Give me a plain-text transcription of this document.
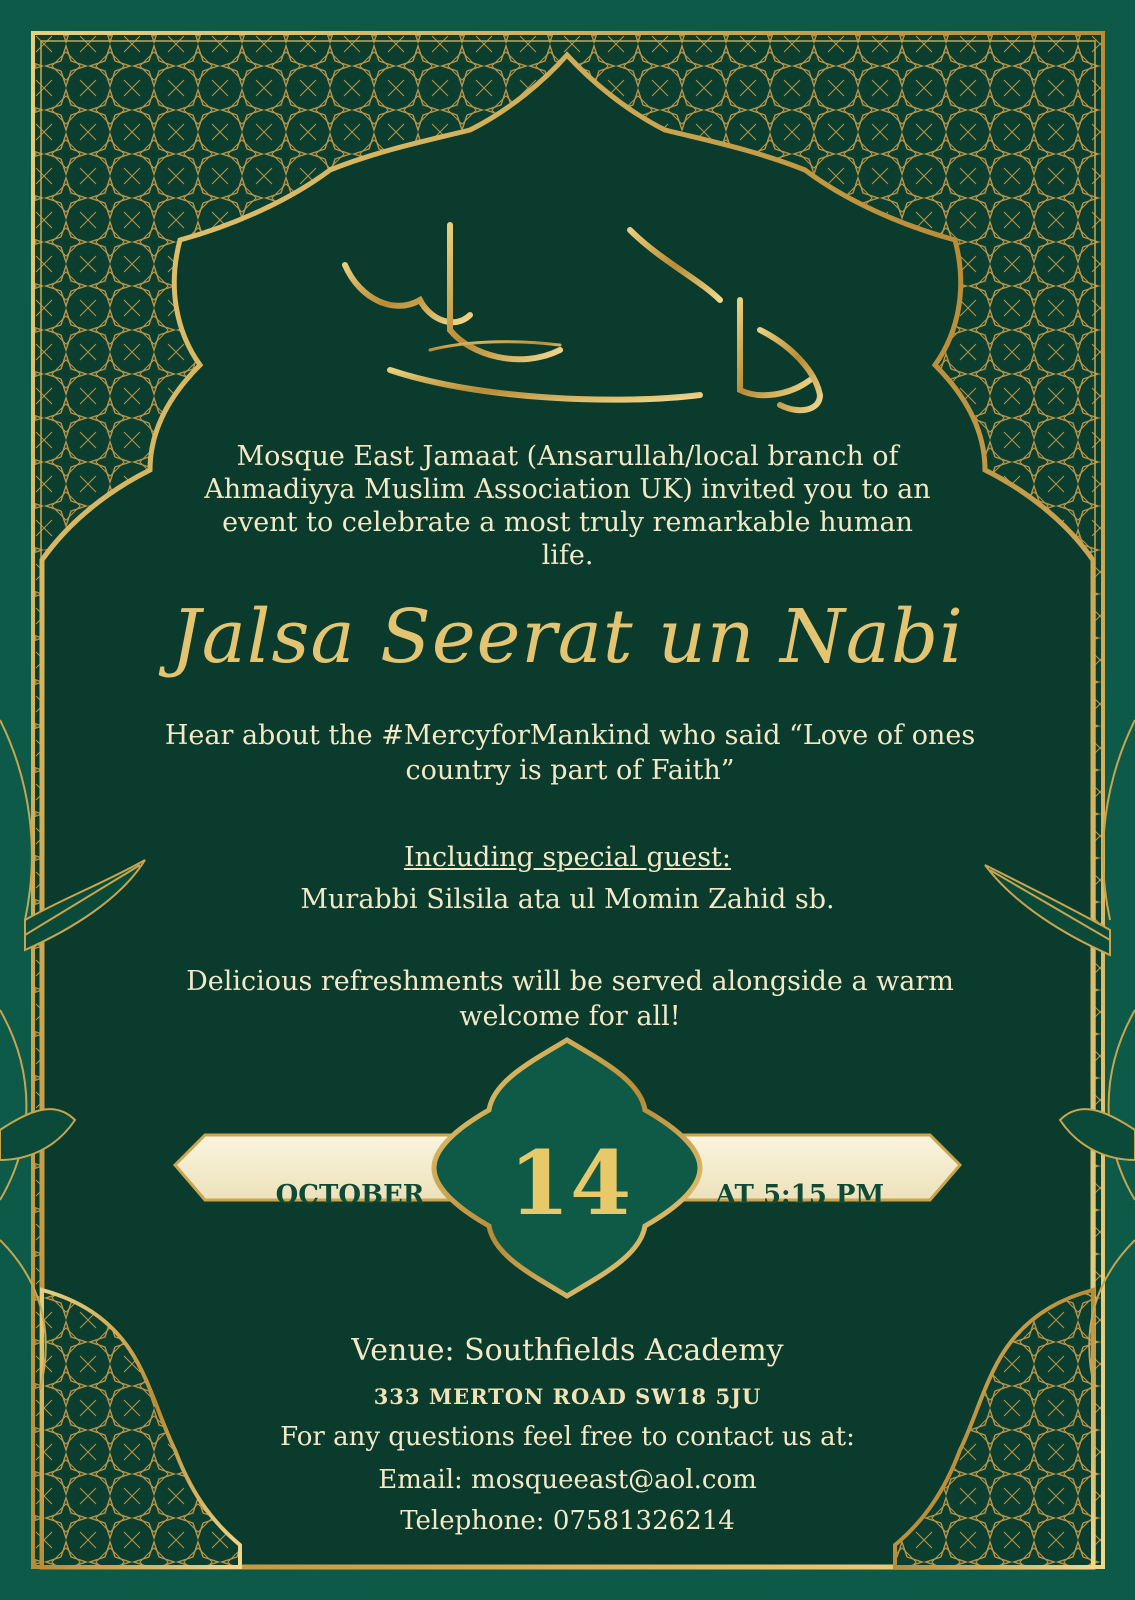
Mosque East Jamaat (Ansarullah/local branch of Ahmadiyya Muslim Association UK) invited you to an event to celebrate a most truly remarkable human life.
Jalsa Seerat un Nabi
Hear about the #MercyforMankind who said “Love of ones country is part of Faith”
Including special guest:
Murabbi Silsila ata ul Momin Zahid sb.
Delicious refreshments will be served alongside a warm welcome for all!
OCTOBER 14	AT 5:15 PM
Venue: Southfields Academy
333 MERTON ROAD SW18 5JU
For any questions feel free to contact us at:
Email: mosqueeast@aol.com
Telephone: 07581326214
